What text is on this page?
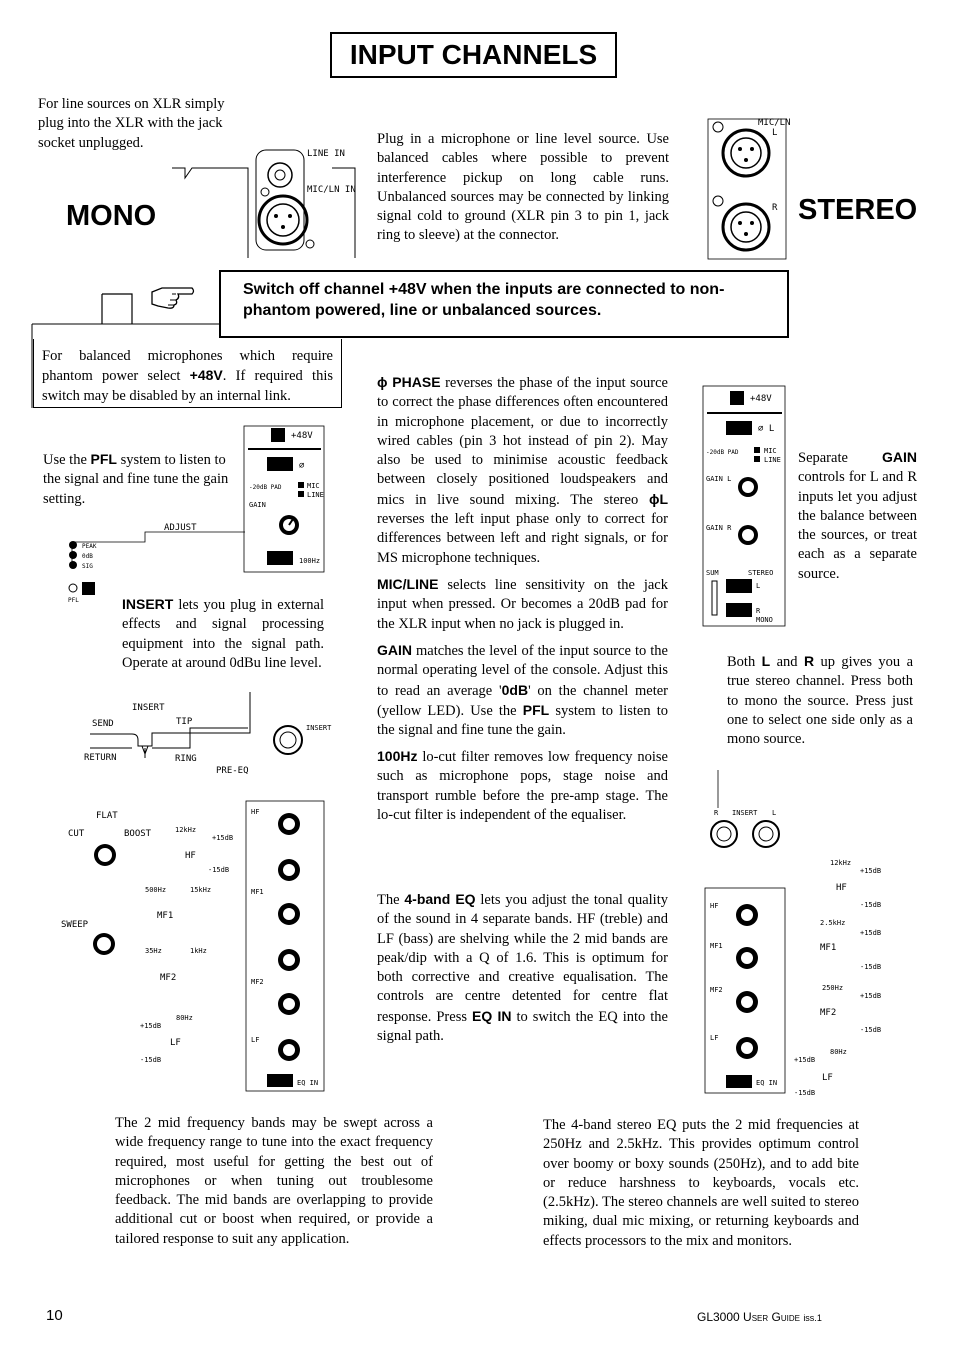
INPUT CHANNELS
For line sources on XLR simply plug into the XLR with the jack socket unplugged.
MONO
LINE IN
MIC/LN IN
Plug in a microphone or line level source. Use balanced cables where possible to prevent interference pickup on long cable runs. Unbalanced sources may be connected by linking signal cold to ground (XLR pin 3 to pin 1, jack ring to sleeve) at the connector.
MIC/LN
L
R STEREO
Switch off channel +48V when the inputs are connected to non-phantom powered, line or unbalanced sources.
For balanced microphones which require phantom power select +48V. If required this switch may be disabled by an internal link.
Use the PFL system to listen to the signal and fine tune the gain setting.
+48V
∅
-20dB PAD	MIC
LINE
GAIN
100Hz
ADJUST
PEAK
0dB
SIG
PFL	INSERT lets you plug in external effects and signal processing equipment into the signal path. Operate at around 0dBu line level.
INSERT
SEND
RETURN
TIP
RING
PRE-EQ
INSERT
FLAT
CUT	BOOST
SWEEP
12kHz
HF
+15dB
-15dB
500Hz	15kHz
MF1
35Hz	1kHz
MF2
80Hz
LF
+15dB
-15dB
HF
MF1
MF2
LF
EQ IN
ɸ PHASE reverses the phase of the input source to correct the phase differences often encountered in microphone placement, or due to incorrectly wired cables (pin 3 hot instead of pin 2). May also be used to minimise acoustic feedback between closely positioned loudspeakers and mics in live sound mixing. The stereo ɸL reverses the left input phase only to correct for differences between left and right signals, or for MS microphone techniques.
MIC/LINE selects line sensitivity on the jack input when pressed. Or becomes a 20dB pad for the XLR input when no jack is plugged in.
GAIN matches the level of the input source to the normal operating level of the console. Adjust this to read an average '0dB' on the channel meter (yellow LED). Use the PFL system to listen to the signal and fine tune the gain.
100Hz lo-cut filter removes low frequency noise such as microphone pops, stage noise and transport rumble before the pre-amp stage. The lo-cut filter is independent of the equaliser.
+48V
∅ L
-20dB PAD	MIC
LINE
GAIN L
GAIN R
SUM	STEREO
L
R
MONO
Separate GAIN controls for L and R inputs let you adjust the balance between the sources, or treat each as a separate source.
Both L and R up gives you a true stereo channel. Press both to mono the source. Press just one to select one side only as a mono source.
R INSERT L
HF
MF1
MF2
LF
EQ IN
12kHz
HF
+15dB
-15dB
2.5kHz
MF1
+15dB
-15dB
250Hz
MF2
+15dB
-15dB
80Hz
LF
+15dB
-15dB
The 4-band EQ lets you adjust the tonal quality of the sound in 4 separate bands. HF (treble) and LF (bass) are shelving while the 2 mid bands are peak/dip with a Q of 1.6. This is optimum for both corrective and creative equalisation. The controls are centre detented for centre flat response. Press EQ IN to switch the EQ into the signal path.
The 2 mid frequency bands may be swept across a wide frequency range to tune into the exact frequency required, most useful for getting the best out of microphones or when tuning out troublesome feedback. The mid bands are overlapping to provide additional cut or boost when required, or provide a tailored response to suit any application.
The 4-band stereo EQ puts the 2 mid frequencies at 250Hz and 2.5kHz. This provides optimum control over boomy or boxy sounds (250Hz), and to add bite or reduce harshness to keyboards, vocals etc. (2.5kHz). The stereo channels are well suited to stereo miking, dual mic mixing, or returning keyboards and effects processors to the mix and monitors.
10	GL3000 User Guide iss.1
